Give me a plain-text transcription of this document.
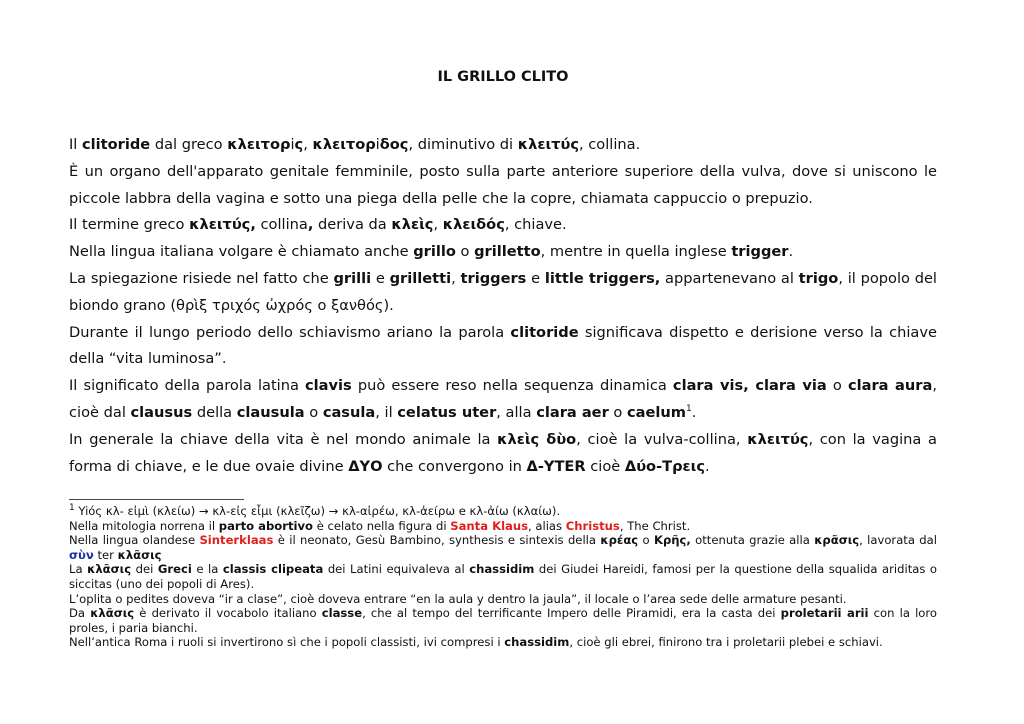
IL GRILLO CLITO

Il clitoride dal greco κλειτορiς, κλειτορiδος, diminutivo di κλειτύς, collina.

È un organo dell'apparato genitale femminile, posto sulla parte anteriore superiore della vulva, dove si uniscono le piccole labbra della vagina e sotto una piega della pelle che la copre, chiamata cappuccio o prepuzio.

Il termine greco κλειτύς, collina, deriva da κλεὶς, κλειδός, chiave.

Nella lingua italiana volgare è chiamato anche grillo o grilletto, mentre in quella inglese trigger.

La spiegazione risiede nel fatto che grilli e grilletti, triggers e little triggers, appartenevano al trigo, il popolo del biondo grano (θρὶξ τριχός ὠχρός ο ξανθός).

Durante il lungo periodo dello schiavismo ariano la parola clitoride significava dispetto e derisione verso la chiave della “vita luminosa”.

Il significato della parola latina clavis può essere reso nella sequenza dinamica clara vis, clara via o clara aura, cioè dal clausus della clausula o casula, il celatus uter, alla clara aer o caelum$^1$.

In generale la chiave della vita è nel mondo animale la κλεὶς δὺο, cioè la vulva-collina, κλειτύς, con la vagina a forma di chiave, e le due ovaie divine ΔΥΟ che convergono in Δ-YTER cioè Δύο-Τρεις.

$^1$ Yiός κλ- εἰμὶ (κλείω) → κλ-εἰς εἶμι (κλεῖζω) → κλ-αἰρέω, κλ-ἀείρω e κλ-ἀίω (κλαίω).

Nella mitologia norrena il parto abortivo è celato nella figura di Santa Klaus, alias Christus, The Christ.

Nella lingua olandese Sinterklaas è il neonato, Gesù Bambino, synthesis e sintexis della κρέας o Κρῆς, ottenuta grazie alla κρᾶσις, lavorata dal σὺν ter κλᾶσις

La κλᾶσις dei Greci e la classis clipeata dei Latini equivaleva al chassidim dei Giudei Hareidi, famosi per la questione della squalida ariditas o siccitas (uno dei popoli di Ares).

L’oplita o pedites doveva “ir a clase”, cioè doveva entrare “en la aula y dentro la jaula”, il locale o l’area sede delle armature pesanti.

Da κλᾶσις è derivato il vocabolo italiano classe, che al tempo del terrificante Impero delle Piramidi, era la casta dei proletarii arii con la loro proles, i paria bianchi.

Nell’antica Roma i ruoli si invertirono sì che i popoli classisti, ivi compresi i chassidim, cioè gli ebrei, finirono tra i proletarii plebei e schiavi.
